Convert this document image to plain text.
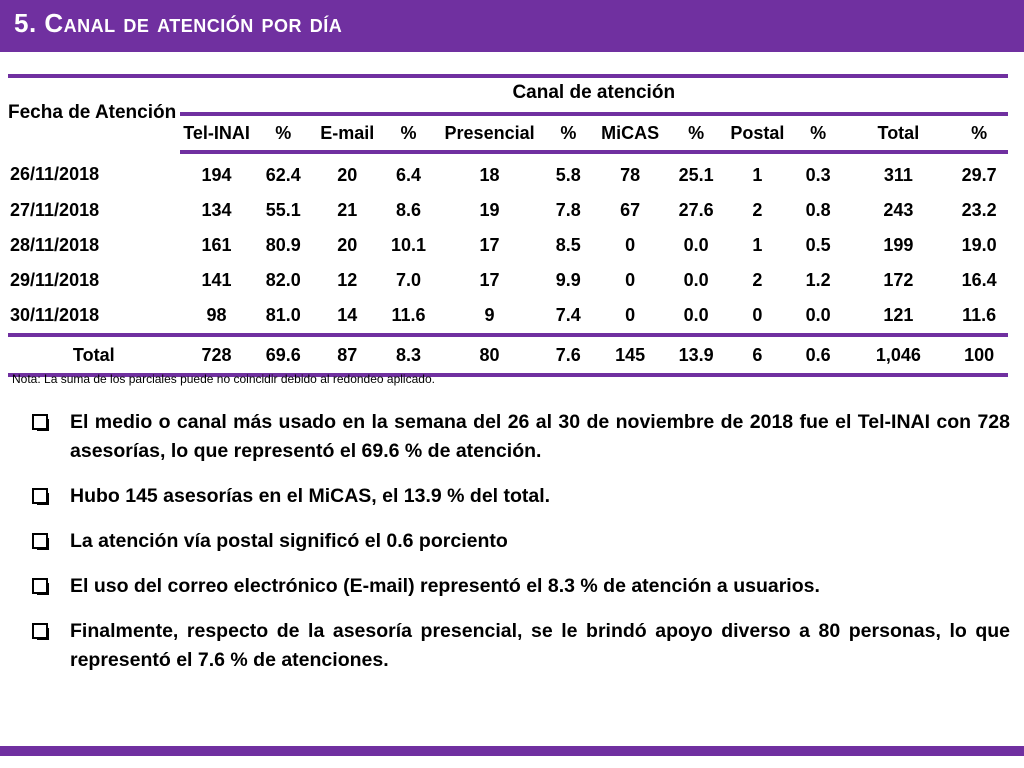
5. Canal de atención por día
Fecha de Atención	Canal de atención											
	Tel-INAI	%	E-mail	%	Presencial	%	MiCAS	%	Postal	%	Total	%
26/11/2018	194	62.4	20	6.4	18	5.8	78	25.1	1	0.3	311	29.7
27/11/2018	134	55.1	21	8.6	19	7.8	67	27.6	2	0.8	243	23.2
28/11/2018	161	80.9	20	10.1	17	8.5	0	0.0	1	0.5	199	19.0
29/11/2018	141	82.0	12	7.0	17	9.9	0	0.0	2	1.2	172	16.4
30/11/2018	98	81.0	14	11.6	9	7.4	0	0.0	0	0.0	121	11.6
Total	728	69.6	87	8.3	80	7.6	145	13.9	6	0.6	1,046	100
Nota: La suma de los parciales puede no coincidir debido al redondeo aplicado.
El medio o canal más usado en la semana del 26 al 30 de noviembre de 2018 fue el Tel-INAI con 728 asesorías, lo que representó el 69.6 % de atención.
Hubo 145 asesorías en el MiCAS, el 13.9 % del total.
La atención vía postal significó el 0.6 porciento
El uso del correo electrónico (E-mail) representó el 8.3 % de atención a usuarios.
Finalmente, respecto de la asesoría presencial, se le brindó apoyo diverso a 80 personas, lo que representó el 7.6 % de atenciones.
